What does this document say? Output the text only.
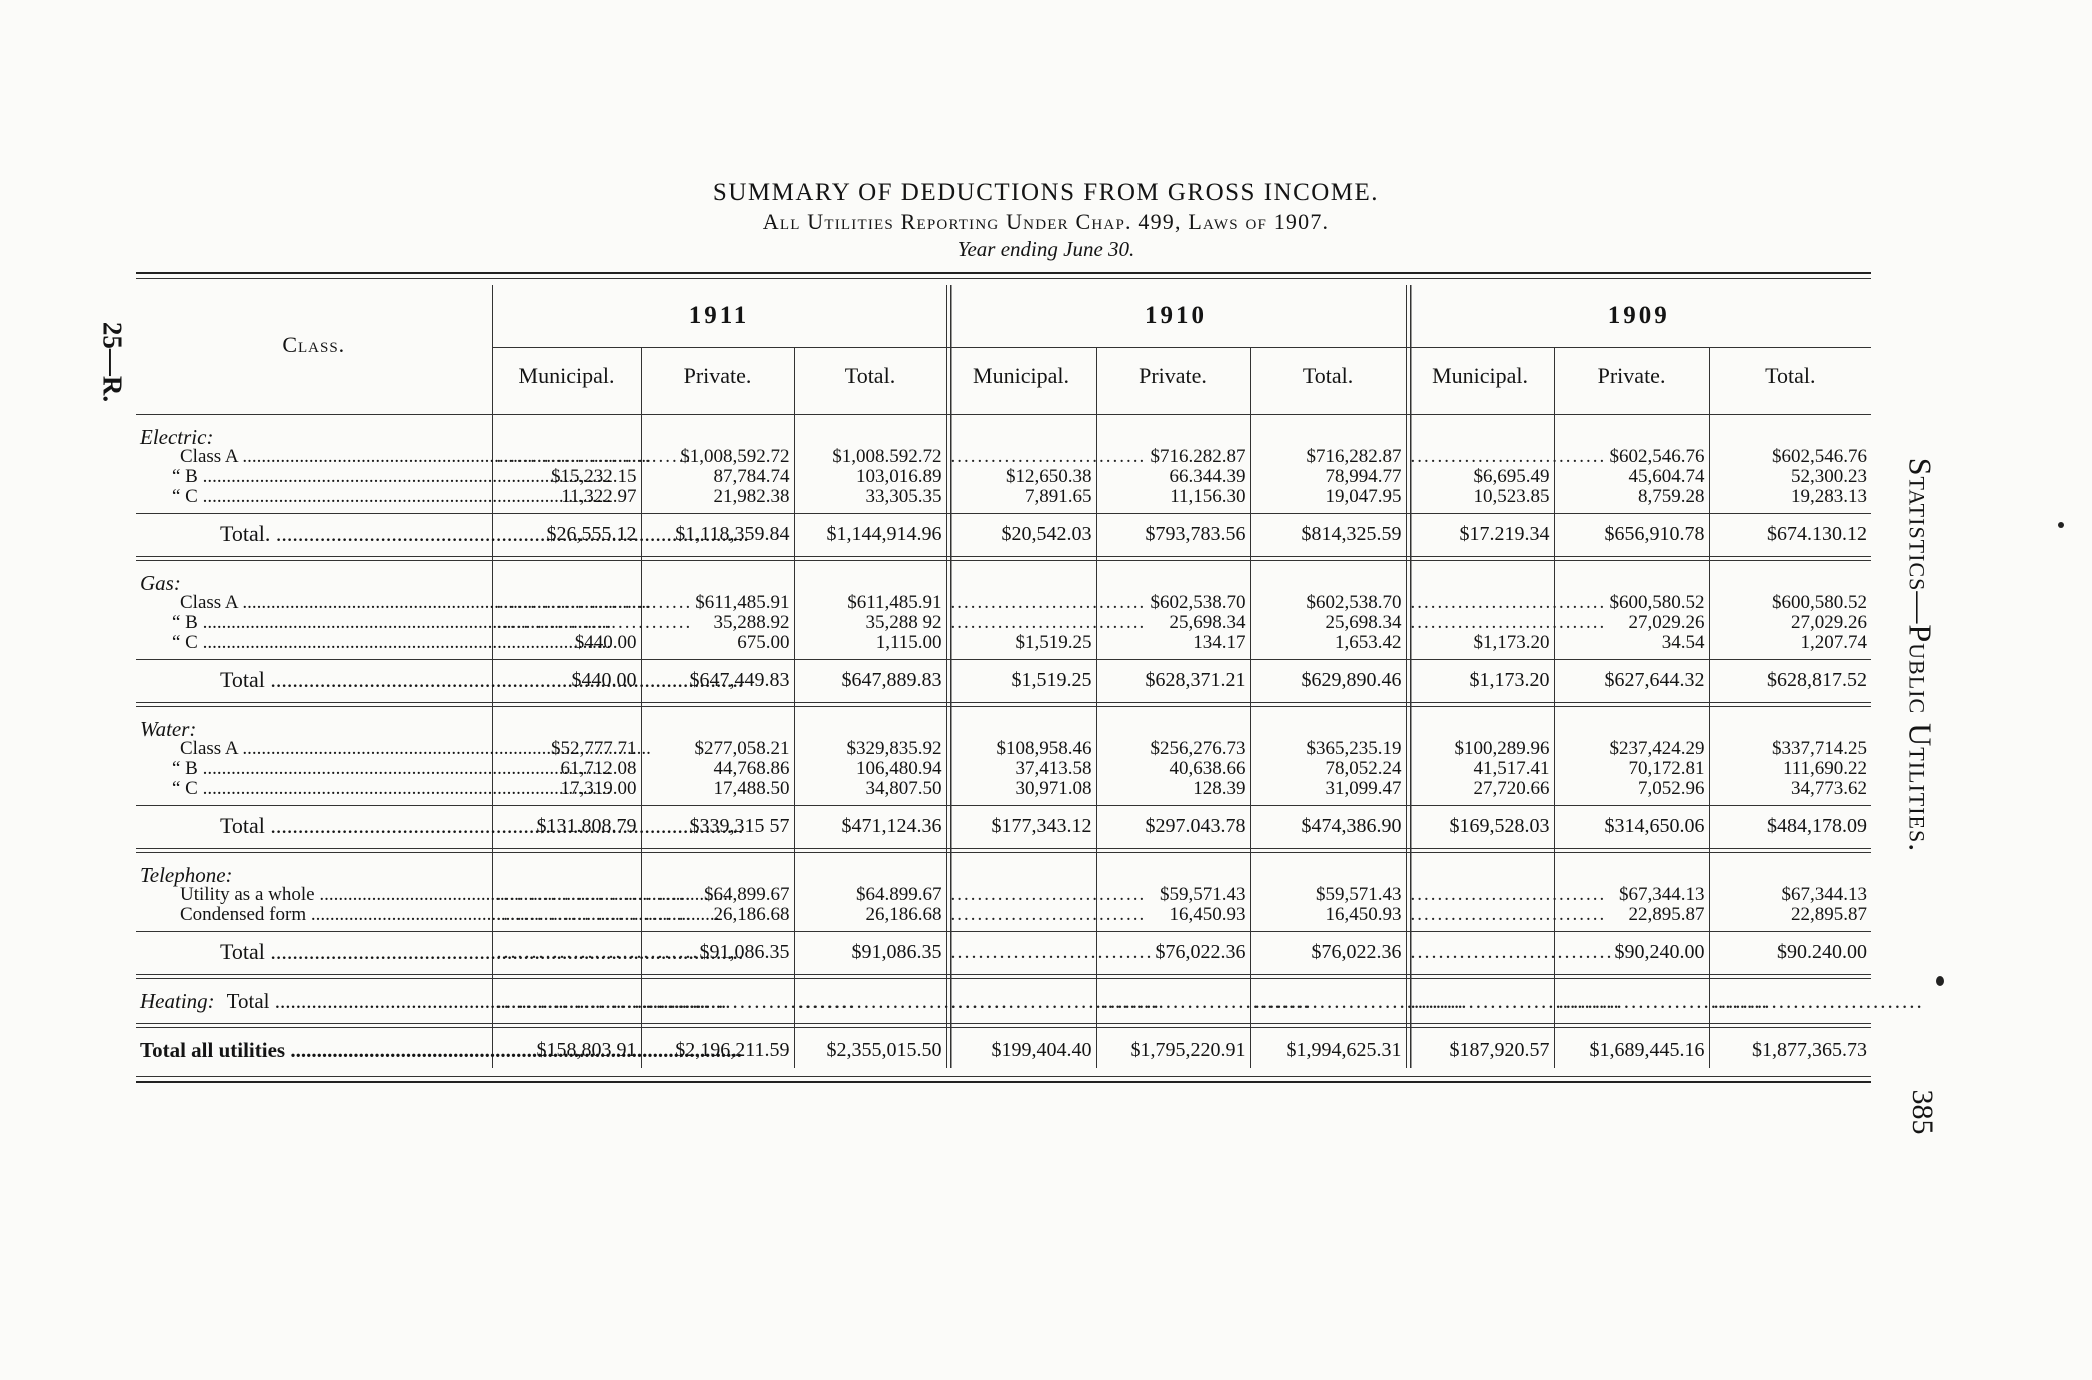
SUMMARY OF DEDUCTIONS FROM GROSS INCOME.
All Utilities Reporting Under Chap. 499, Laws of 1907.
Year ending June 30.
25—R.
Statistics—Public Utilities.
385
Class.	1911			1910			1909		
	Municipal.	Private.	Total.	Municipal.	Private.	Total.	Municipal.	Private.	Total.

Electric:									
Class A .....	.............................	$1,008,592.72	$1,008.592.72	.............................	$716.282.87	$716,282.87	.............................	$602,546.76	$602,546.76
“ B .....	$15,232.15	87,784.74	103,016.89	$12,650.38	66.344.39	78,994.77	$6,695.49	45,604.74	52,300.23
“ C .....	11,322.97	21,982.38	33,305.35	7,891.65	11,156.30	19,047.95	10,523.85	8,759.28	19,283.13

Total. .....	$26,555.12	$1,118,359.84	$1,144,914.96	$20,542.03	$793,783.56	$814,325.59	$17.219.34	$656,910.78	$674.130.12

Gas:									
Class A .....	.............................	$611,485.91	$611,485.91	.............................	$602,538.70	$602,538.70	.............................	$600,580.52	$600,580.52
“ B .....	.............................	35,288.92	35,288 92	.............................	25,698.34	25,698.34	.............................	27,029.26	27,029.26
“ C .....	$440.00	675.00	1,115.00	$1,519.25	134.17	1,653.42	$1,173.20	34.54	1,207.74

Total .....	$440.00	$647,449.83	$647,889.83	$1,519.25	$628,371.21	$629,890.46	$1,173.20	$627,644.32	$628,817.52

Water:									
Class A .....	$52,777.71	$277,058.21	$329,835.92	$108,958.46	$256,276.73	$365,235.19	$100,289.96	$237,424.29	$337,714.25
“ B .....	61,712.08	44,768.86	106,480.94	37,413.58	40,638.66	78,052.24	41,517.41	70,172.81	111,690.22
“ C .....	17,319.00	17,488.50	34,807.50	30,971.08	128.39	31,099.47	27,720.66	7,052.96	34,773.62

Total .....	$131.808.79	$339,315 57	$471,124.36	$177,343.12	$297.043.78	$474,386.90	$169,528.03	$314,650.06	$484,178.09

Telephone:									
Utility as a whole .....	.............................	$64,899.67	$64.899.67	.............................	$59,571.43	$59,571.43	.............................	$67,344.13	$67,344.13
Condensed form .....	.............................	26,186.68	26,186.68	.............................	16,450.93	16,450.93	.............................	22,895.87	22,895.87

Total .....	.............................	$91,086.35	$91,086.35	.............................	$76,022.36	$76,022.36	.............................	$90,240.00	$90.240.00

Heating: Total .....	.............................	.............................	.............................	.............................	.............................	.............................	.............................	.............................	.............................

Total all utilities .....	$158,803.91	$2,196,211.59	$2,355,015.50	$199,404.40	$1,795,220.91	$1,994,625.31	$187,920.57	$1,689,445.16	$1,877,365.73
